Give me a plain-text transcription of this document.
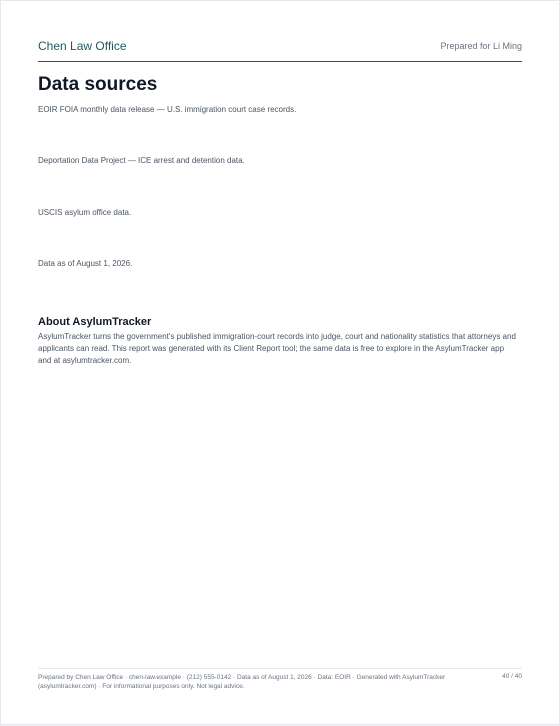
Chen Law Office	Prepared for Li Ming
Data sources

EOIR FOIA monthly data release — U.S. immigration court case records.

Deportation Data Project — ICE arrest and detention data.

USCIS asylum office data.

Data as of August 1, 2026.

About AsylumTracker

AsylumTracker turns the government's published immigration-court records into judge, court and nationality statistics that attorneys and applicants can read. This report was generated with its Client Report tool; the same data is free to explore in the AsylumTracker app and at asylumtracker.com.

Prepared by Chen Law Office · chen-law.example · (212) 555-0142 · Data as of August 1, 2026 · Data: EOIR · Generated with AsylumTracker (asylumtracker.com) · For informational purposes only. Not legal advice.
40 / 40
